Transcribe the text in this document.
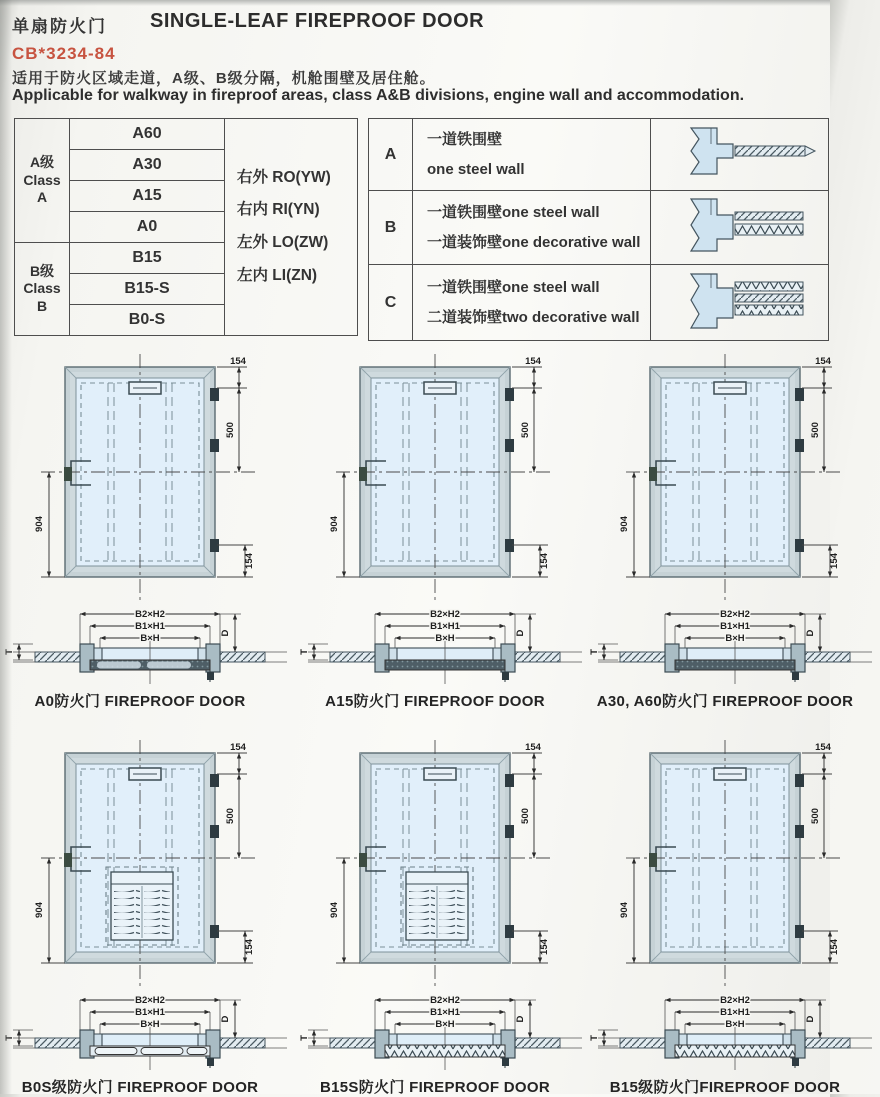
单扇防火门 SINGLE-LEAF FIREPROOF DOOR
CB*3234-84
适用于防火区域走道，A级、B级分隔，机舱围壁及居住舱。
Applicable for walkway in fireproof areas, class A&B divisions, engine wall and accommodation.
A级
Class
A
	A60	
右外 RO(YW)
右内 RI(YN)
左外 LO(ZW)
左内 LI(ZN)

	A30	
	A15	
	A0	

B级
Class
B	B15	
	B15-S	
	B0-S	
A	一道铁围壁
one steel wall

B	一道铁围壁one steel wall
一道装饰壁one decorative wall

C	一道铁围壁one steel wall
二道装饰壁two decorative wall

154
500
904
154
B2×H2
B1×H1
B×H	D
T
A0防火门 FIREPROOF DOOR
154
500
904
154
B2×H2
B1×H1
B×H	D
T
A15防火门 FIREPROOF DOOR
154
500
904
154
B2×H2
B1×H1
B×H	D
T
A30, A60防火门 FIREPROOF DOOR
154
500
904
154
B2×H2
B1×H1
B×H	D
T
B0S级防火门 FIREPROOF DOOR
154
500
904
154
B2×H2
B1×H1
B×H	D
T
B15S防火门 FIREPROOF DOOR
154
500
904
154
B2×H2
B1×H1
B×H	D
T
B15级防火门FIREPROOF DOOR
